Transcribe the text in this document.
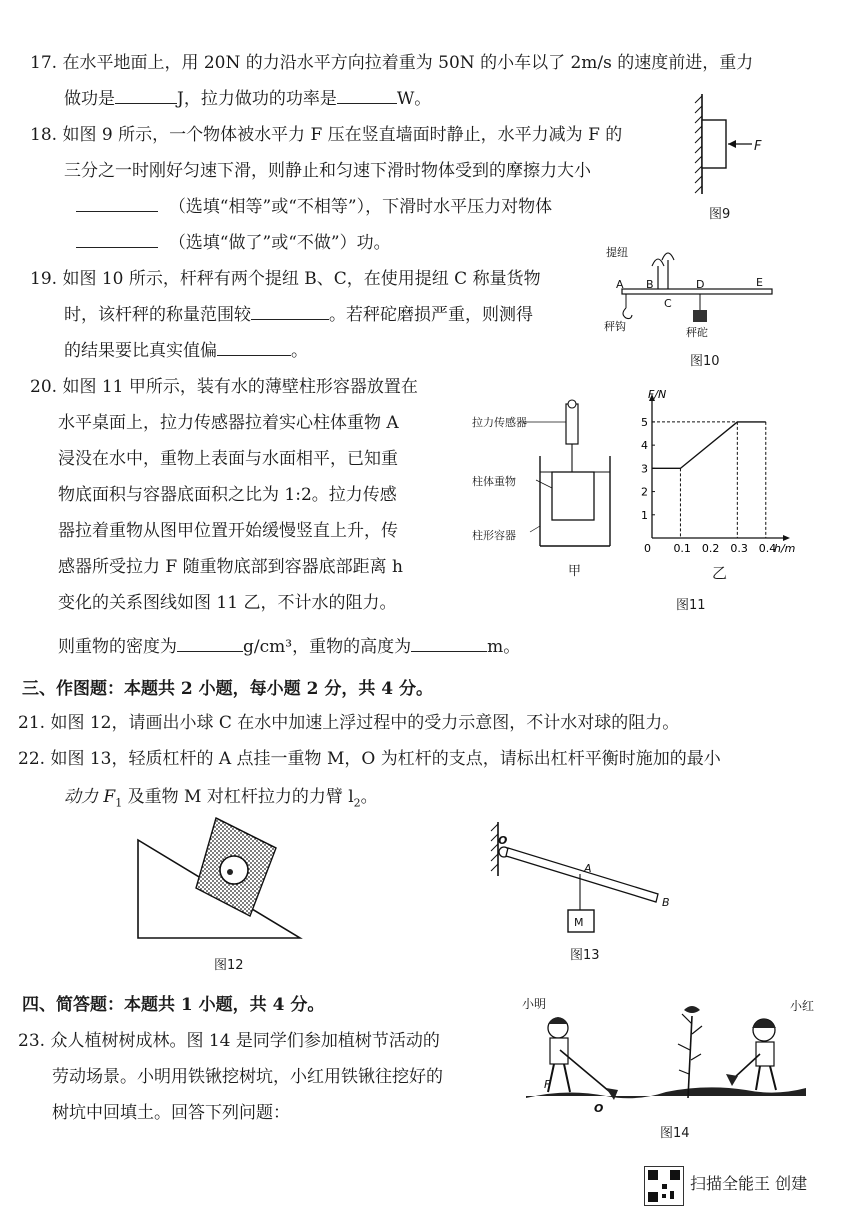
17. 在水平地面上，用 20N 的力沿水平方向拉着重为 50N 的小车以了 2m/s 的速度前进，重力
做功是	J，拉力做功的功率是	W。
18. 如图 9 所示，一个物体被水平力 F 压在竖直墙面时静止，水平力减为 F 的
三分之一时刚好匀速下滑，则静止和匀速下滑时物体受到的摩擦力大小
（选填“相等”或“不相等”），下滑时水平压力对物体
（选填“做了”或“不做”）功。
F
图9
19. 如图 10 所示，杆秤有两个提纽 B、C，在使用提纽 C 称量货物
时，该杆秤的称量范围较	。若秤砣磨损严重，则测得
的结果要比真实值偏	。
A B
C
D	E
提纽
秤钩	秤砣
图10
20. 如图 11 甲所示，装有水的薄壁柱形容器放置在
水平桌面上，拉力传感器拉着实心柱体重物 A
浸没在水中，重物上表面与水面相平，已知重
物底面积与容器底面积之比为 1:2。拉力传感
器拉着重物从图甲位置开始缓慢竖直上升，传
感器所受拉力 F 随重物底部到容器底部距离 h
变化的关系图线如图 11 乙，不计水的阻力。
则重物的密度为	g/cm³，重物的高度为	m。
拉力传感器
柱体重物
柱形容器
甲
0 0.1 0.2 0.3 0.4
1
2
3
4
5
h/m
F/N
乙
图11
三、作图题：本题共 2 小题，每小题 2 分，共 4 分。
21. 如图 12，请画出小球 C 在水中加速上浮过程中的受力示意图，不计水对球的阻力。
22. 如图 13，轻质杠杆的 A 点挂一重物 M，O 为杠杆的支点，请标出杠杆平衡时施加的最小
动力 $F_1$ 及重物 M 对杠杆拉力的力臂 $l_2$。
图12
O
A
B
M
图13
四、简答题：本题共 1 小题，共 4 分。
23. 众人植树树成林。图 14 是同学们参加植树节活动的
劳动场景。小明用铁锹挖树坑，小红用铁锹往挖好的
树坑中回填土。回答下列问题：
小明	小红
O
F
图14
扫描全能王 创建
